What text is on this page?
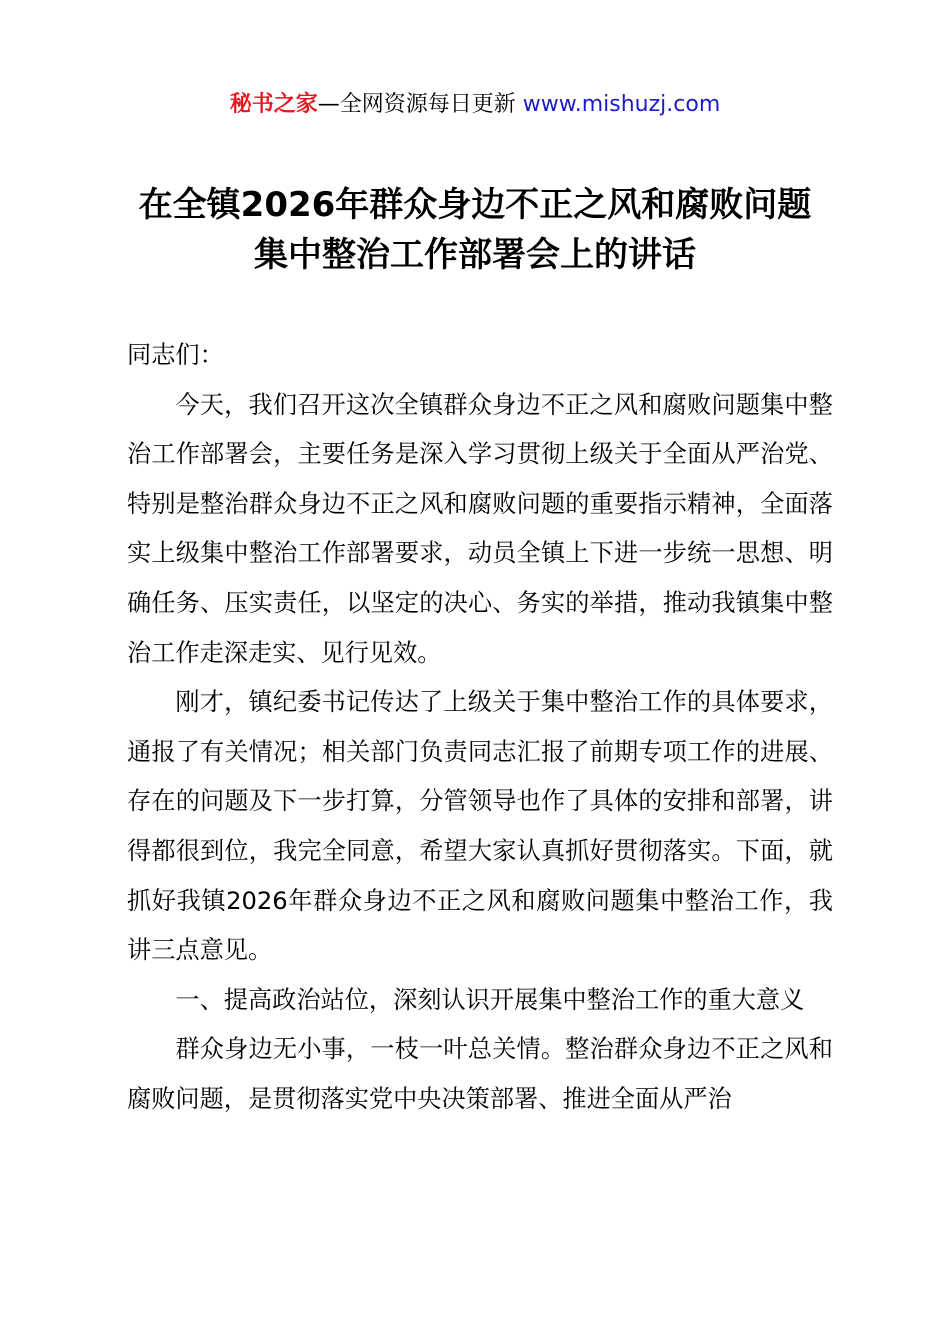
秘书之家—全网资源每日更新 www.mishuzj.com
在全镇2026年群众身边不正之风和腐败问题
集中整治工作部署会上的讲话

同志们：

今天，我们召开这次全镇群众身边不正之风和腐败问题集中整治工作部署会，主要任务是深入学习贯彻上级关于全面从严治党、特别是整治群众身边不正之风和腐败问题的重要指示精神，全面落实上级集中整治工作部署要求，动员全镇上下进一步统一思想、明确任务、压实责任，以坚定的决心、务实的举措，推动我镇集中整治工作走深走实、见行见效。

刚才，镇纪委书记传达了上级关于集中整治工作的具体要求，通报了有关情况；相关部门负责同志汇报了前期专项工作的进展、存在的问题及下一步打算，分管领导也作了具体的安排和部署，讲得都很到位，我完全同意，希望大家认真抓好贯彻落实。下面，就抓好我镇2026年群众身边不正之风和腐败问题集中整治工作，我讲三点意见。

一、提高政治站位，深刻认识开展集中整治工作的重大意义

群众身边无小事，一枝一叶总关情。整治群众身边不正之风和腐败问题，是贯彻落实党中央决策部署、推进全面从严治
